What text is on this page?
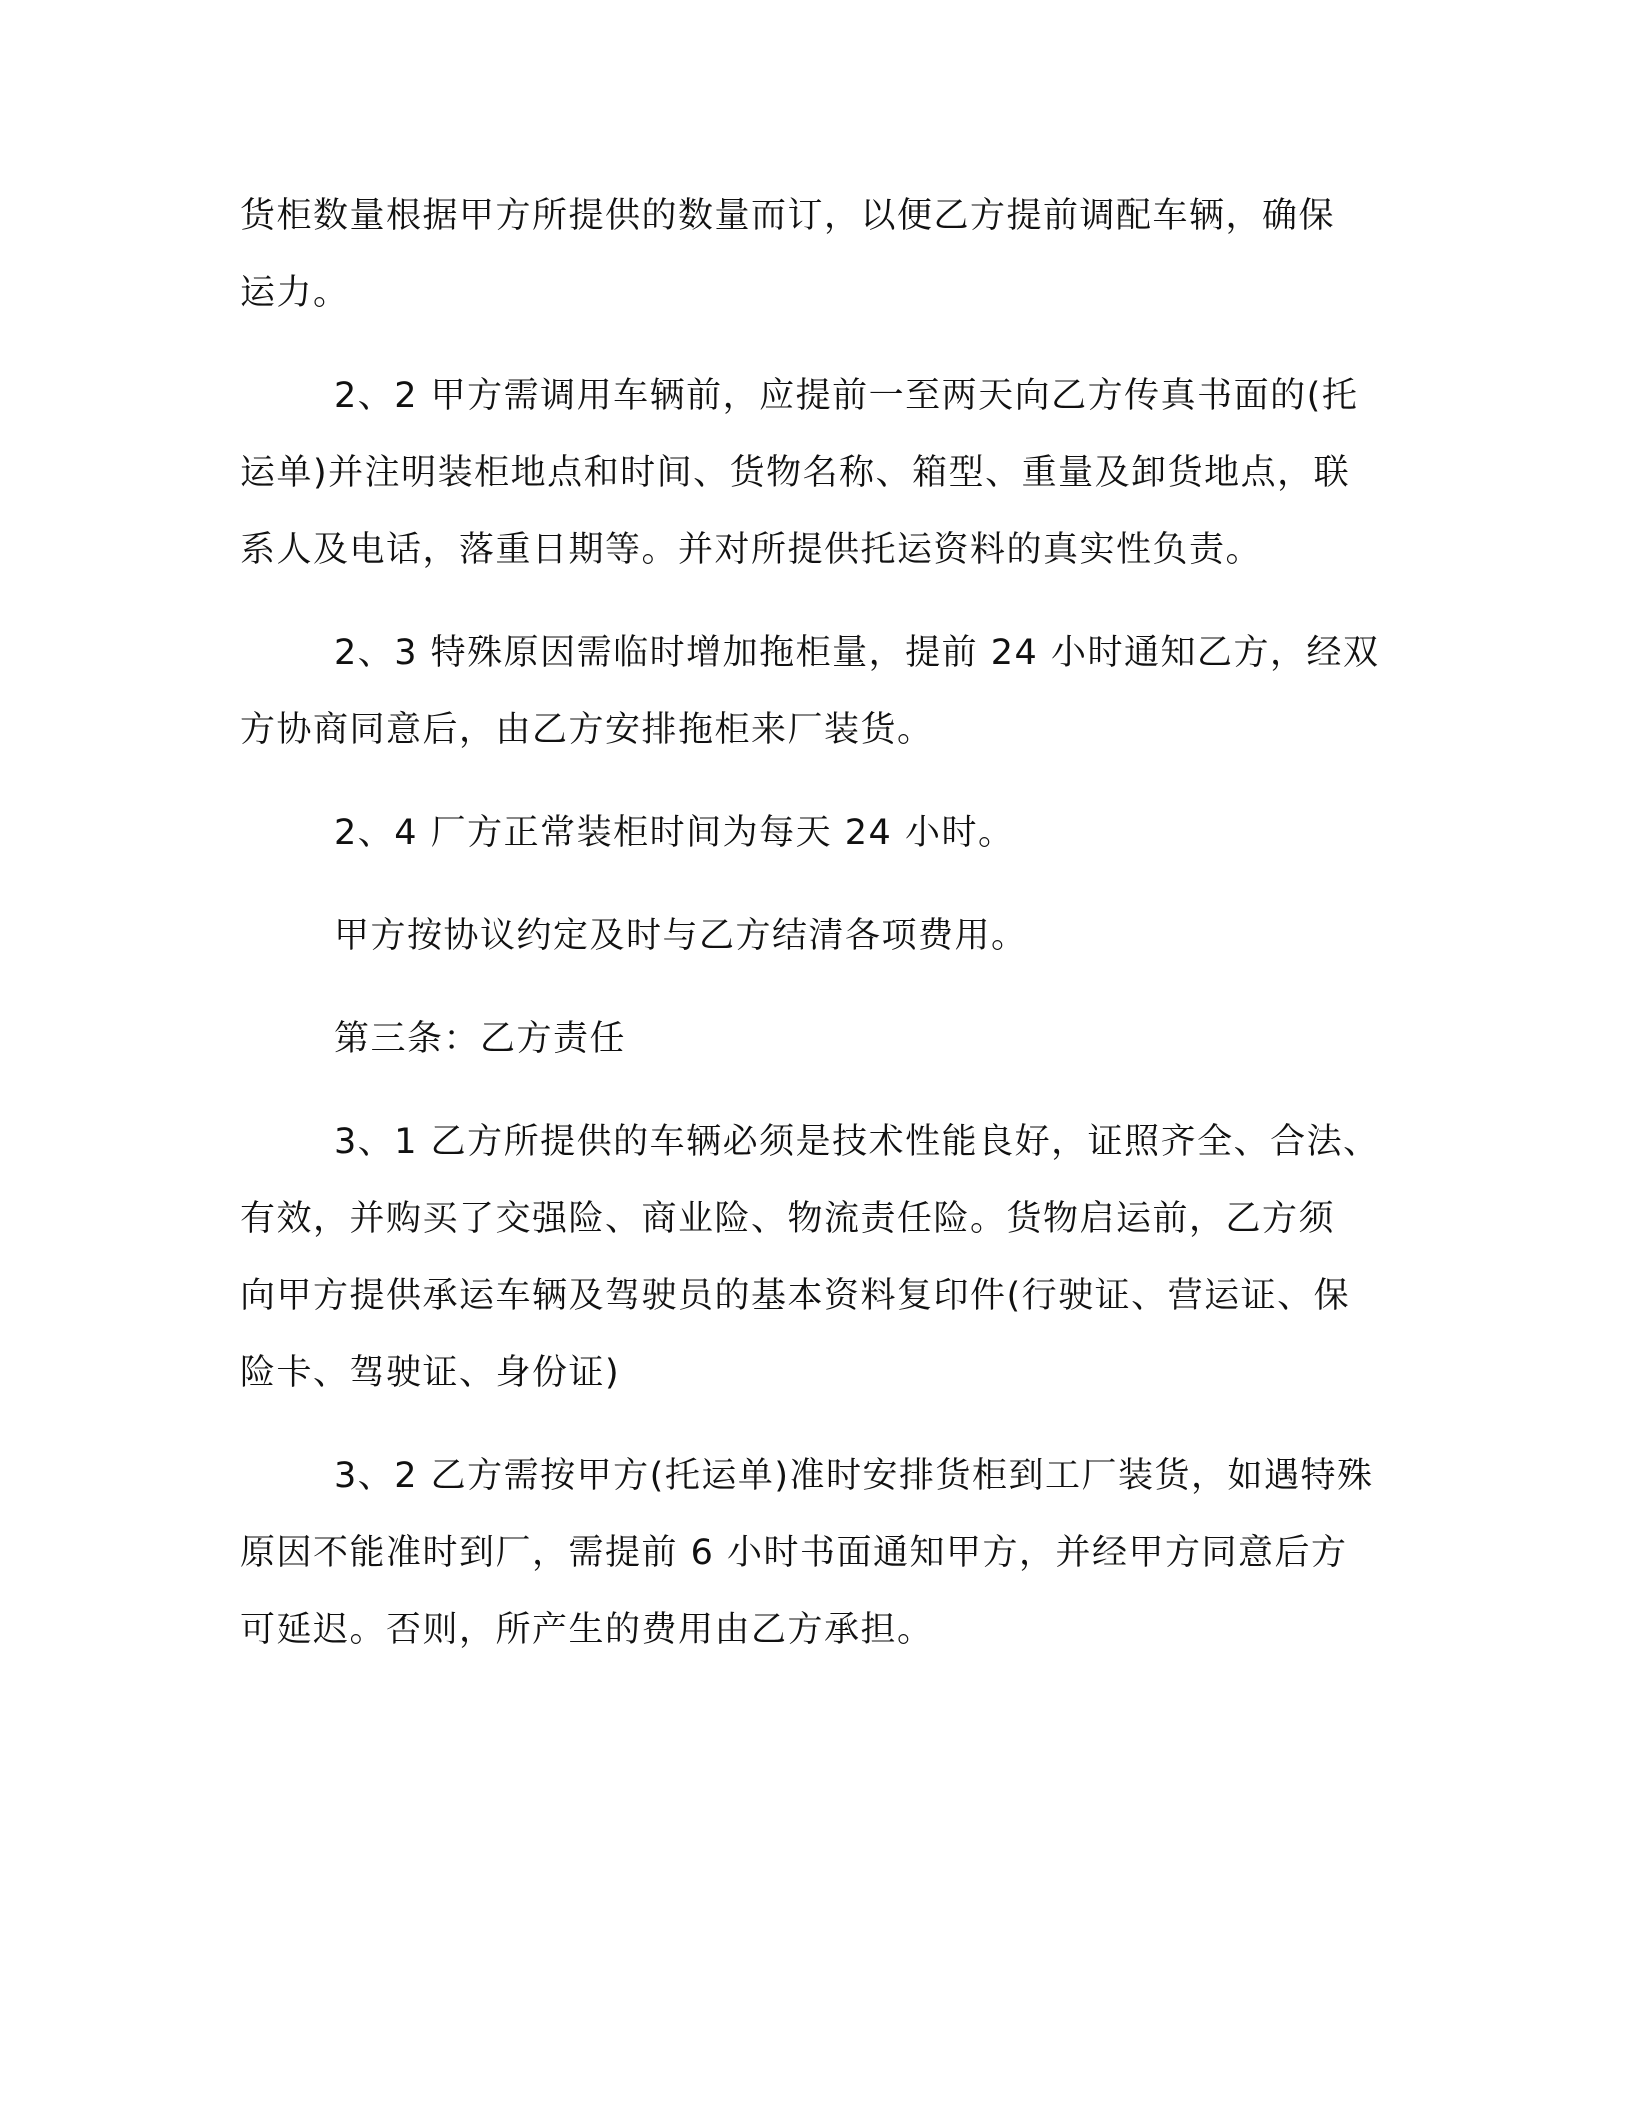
货柜数量根据甲方所提供的数量而订，以便乙方提前调配车辆，确保
运力。
2、2 甲方需调用车辆前，应提前一至两天向乙方传真书面的(托
运单)并注明装柜地点和时间、货物名称、箱型、重量及卸货地点，联
系人及电话，落重日期等。并对所提供托运资料的真实性负责。
2、3 特殊原因需临时增加拖柜量，提前 24 小时通知乙方，经双
方协商同意后，由乙方安排拖柜来厂装货。
2、4 厂方正常装柜时间为每天 24 小时。
甲方按协议约定及时与乙方结清各项费用。
第三条：乙方责任
3、1 乙方所提供的车辆必须是技术性能良好，证照齐全、合法、
有效，并购买了交强险、商业险、物流责任险。货物启运前，乙方须
向甲方提供承运车辆及驾驶员的基本资料复印件(行驶证、营运证、保
险卡、驾驶证、身份证)
3、2 乙方需按甲方(托运单)准时安排货柜到工厂装货，如遇特殊
原因不能准时到厂，需提前 6 小时书面通知甲方，并经甲方同意后方
可延迟。否则，所产生的费用由乙方承担。
